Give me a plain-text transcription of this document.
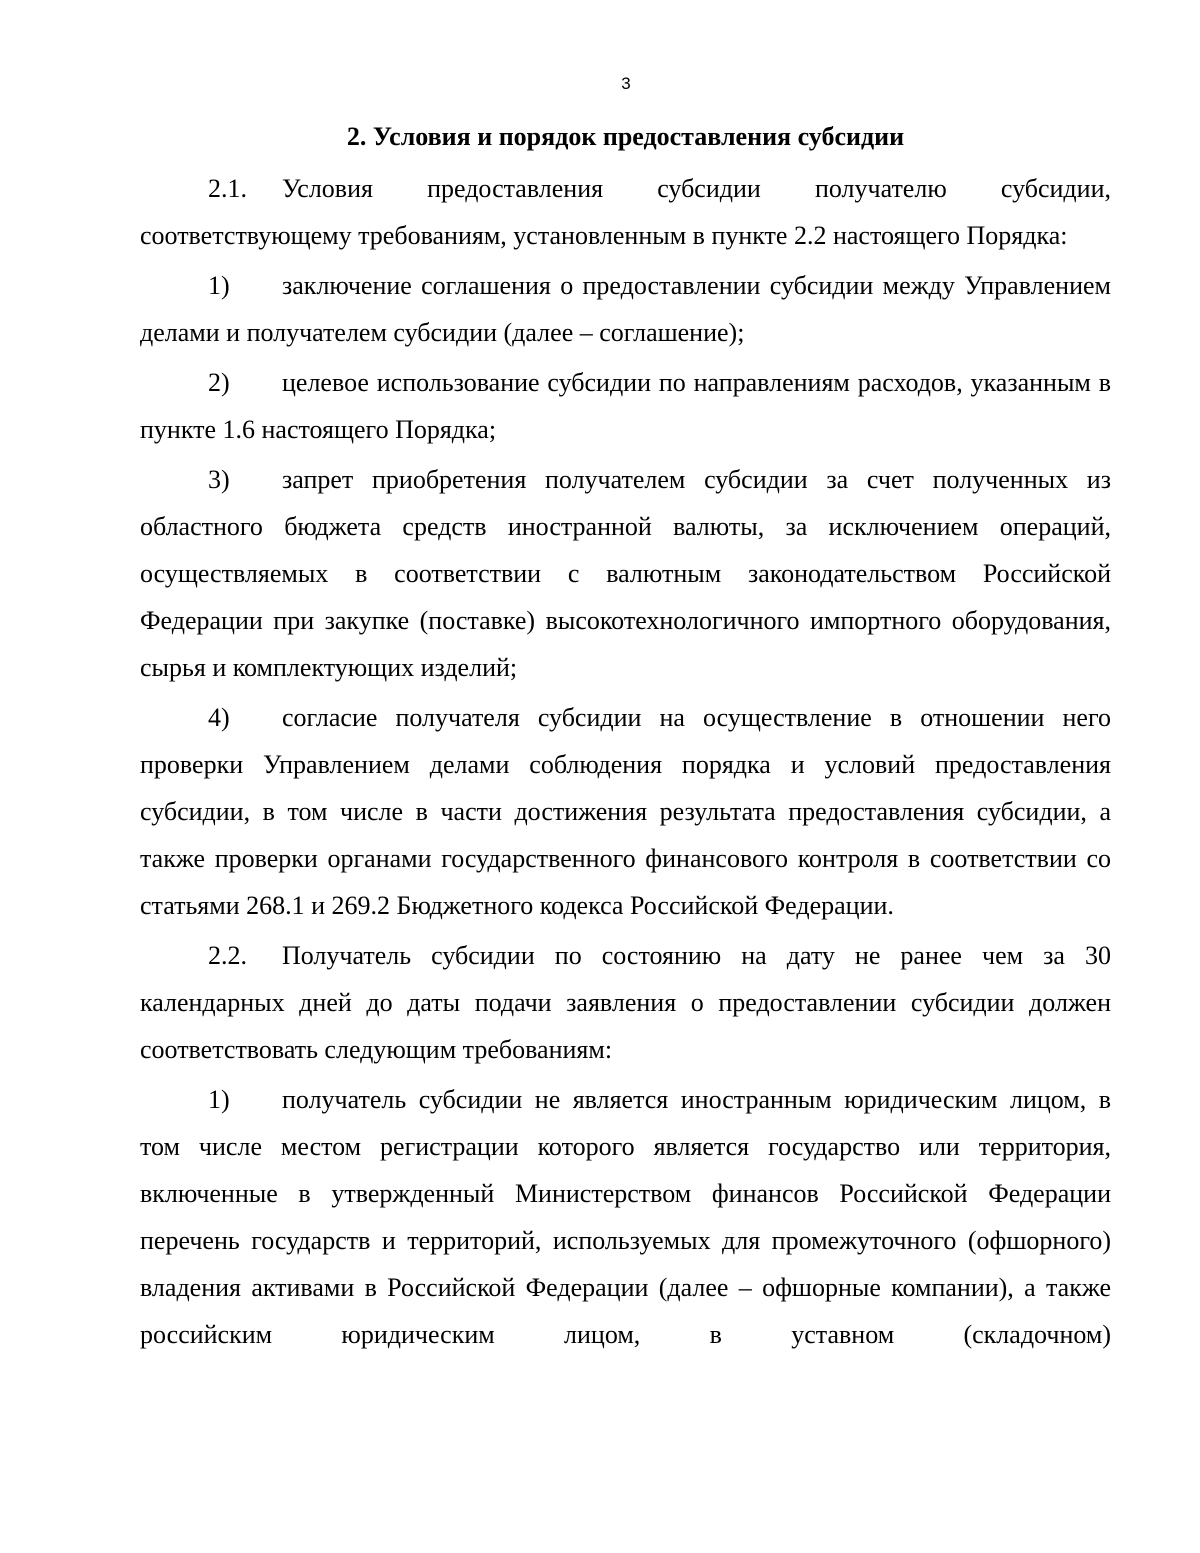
3
2. Условия и порядок предоставления субсидии

2.1. Условия предоставления субсидии получателю субсидии, соответствующему требованиям, установленным в пункте 2.2 настоящего Порядка:

1) заключение соглашения о предоставлении субсидии между Управлением делами и получателем субсидии (далее – соглашение);

2) целевое использование субсидии по направлениям расходов, указанным в пункте 1.6 настоящего Порядка;

3) запрет приобретения получателем субсидии за счет полученных из областного бюджета средств иностранной валюты, за исключением операций, осуществляемых в соответствии с валютным законодательством Российской Федерации при закупке (поставке) высокотехнологичного импортного оборудования, сырья и комплектующих изделий;

4) согласие получателя субсидии на осуществление в отношении него проверки Управлением делами соблюдения порядка и условий предоставления субсидии, в том числе в части достижения результата предоставления субсидии, а также проверки органами государственного финансового контроля в соответствии со статьями 268.1 и 269.2 Бюджетного кодекса Российской Федерации.

2.2. Получатель субсидии по состоянию на дату не ранее чем за 30 календарных дней до даты подачи заявления о предоставлении субсидии должен соответствовать следующим требованиям:

1) получатель субсидии не является иностранным юридическим лицом, в том числе местом регистрации которого является государство или территория, включенные в утвержденный Министерством финансов Российской Федерации перечень государств и территорий, используемых для промежуточного (офшорного) владения активами в Российской Федерации (далее – офшорные компании), а также российским юридическим лицом, в уставном (складочном)
